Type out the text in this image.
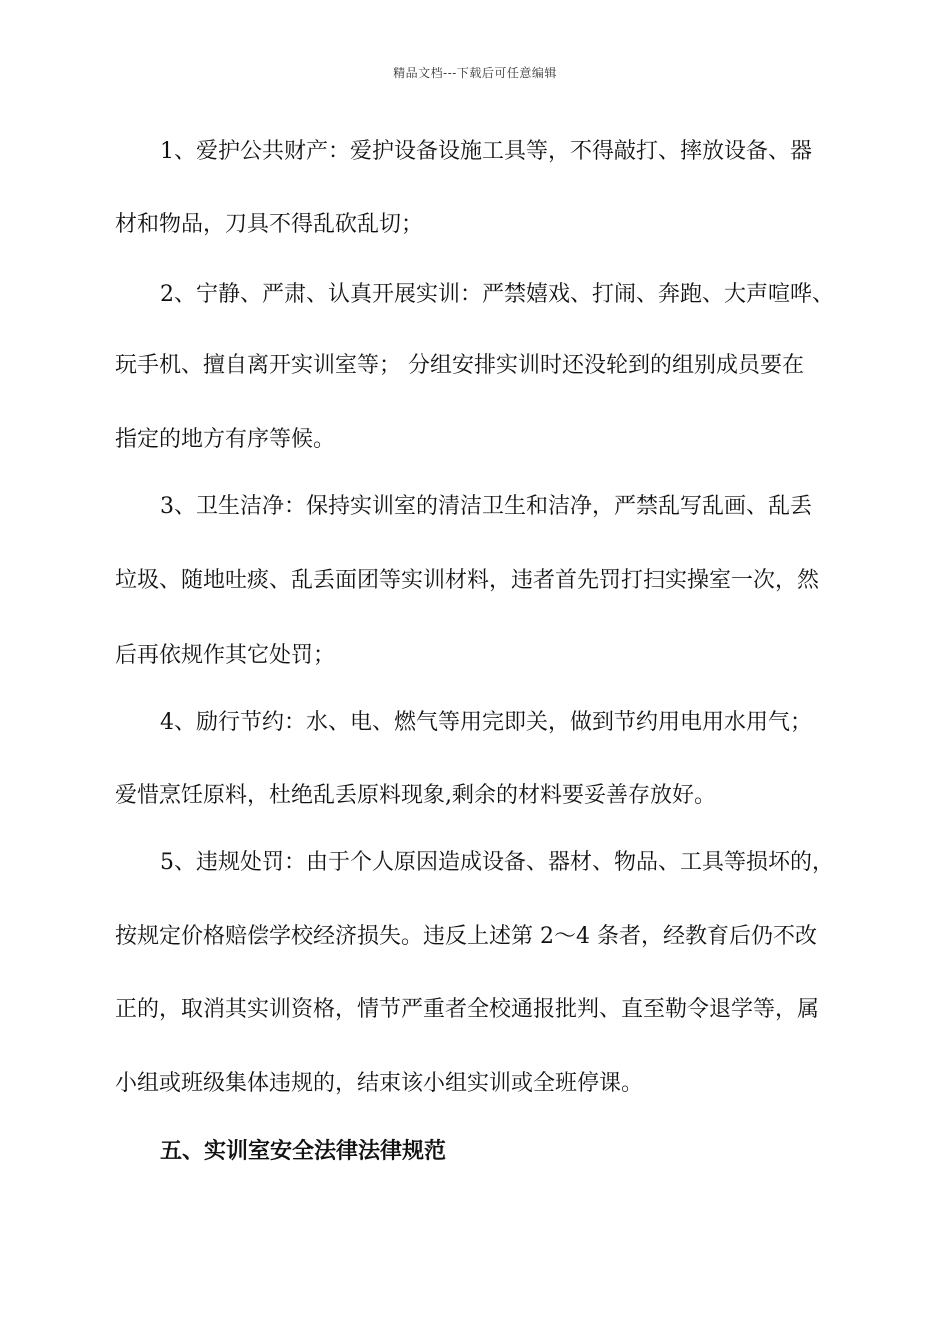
精品文档---下载后可任意编辑
1、爱护公共财产：爱护设备设施工具等，不得敲打、摔放设备、器
材和物品，刀具不得乱砍乱切；
2、宁静、严肃、认真开展实训：严禁嬉戏、打闹、奔跑、大声喧哗、
玩手机、擅自离开实训室等； 分组安排实训时还没轮到的组别成员要在
指定的地方有序等候。
3、卫生洁净：保持实训室的清洁卫生和洁净，严禁乱写乱画、乱丢
垃圾、随地吐痰、乱丢面团等实训材料，违者首先罚打扫实操室一次，然
后再依规作其它处罚；
4、励行节约：水、电、燃气等用完即关，做到节约用电用水用气；
爱惜烹饪原料，杜绝乱丢原料现象,剩余的材料要妥善存放好。
5、违规处罚：由于个人原因造成设备、器材、物品、工具等损坏的，
按规定价格赔偿学校经济损失。违反上述第 2～4 条者，经教育后仍不改
正的，取消其实训资格，情节严重者全校通报批判、直至勒令退学等，属
小组或班级集体违规的，结束该小组实训或全班停课。
五、实训室安全法律法律规范
